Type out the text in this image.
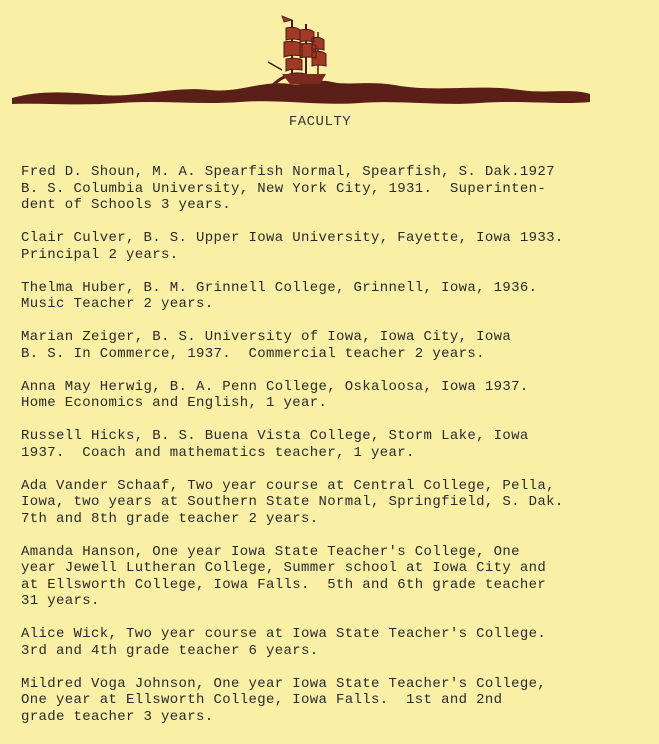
FACULTY
Fred D. Shoun, M. A. Spearfish Normal, Spearfish, S. Dak.1927
B. S. Columbia University, New York City, 1931.  Superinten-
dent of Schools 3 years.
Clair Culver, B. S. Upper Iowa University, Fayette, Iowa 1933.
Principal 2 years.
Thelma Huber, B. M. Grinnell College, Grinnell, Iowa, 1936.
Music Teacher 2 years.
Marian Zeiger, B. S. University of Iowa, Iowa City, Iowa
B. S. In Commerce, 1937.  Commercial teacher 2 years.
Anna May Herwig, B. A. Penn College, Oskaloosa, Iowa 1937.
Home Economics and English, 1 year.
Russell Hicks, B. S. Buena Vista College, Storm Lake, Iowa
1937.  Coach and mathematics teacher, 1 year.
Ada Vander Schaaf, Two year course at Central College, Pella,
Iowa, two years at Southern State Normal, Springfield, S. Dak.
7th and 8th grade teacher 2 years.
Amanda Hanson, One year Iowa State Teacher's College, One
year Jewell Lutheran College, Summer school at Iowa City and
at Ellsworth College, Iowa Falls.  5th and 6th grade teacher
31 years.
Alice Wick, Two year course at Iowa State Teacher's College.
3rd and 4th grade teacher 6 years.
Mildred Voga Johnson, One year Iowa State Teacher's College,
One year at Ellsworth College, Iowa Falls.  1st and 2nd
grade teacher 3 years.
